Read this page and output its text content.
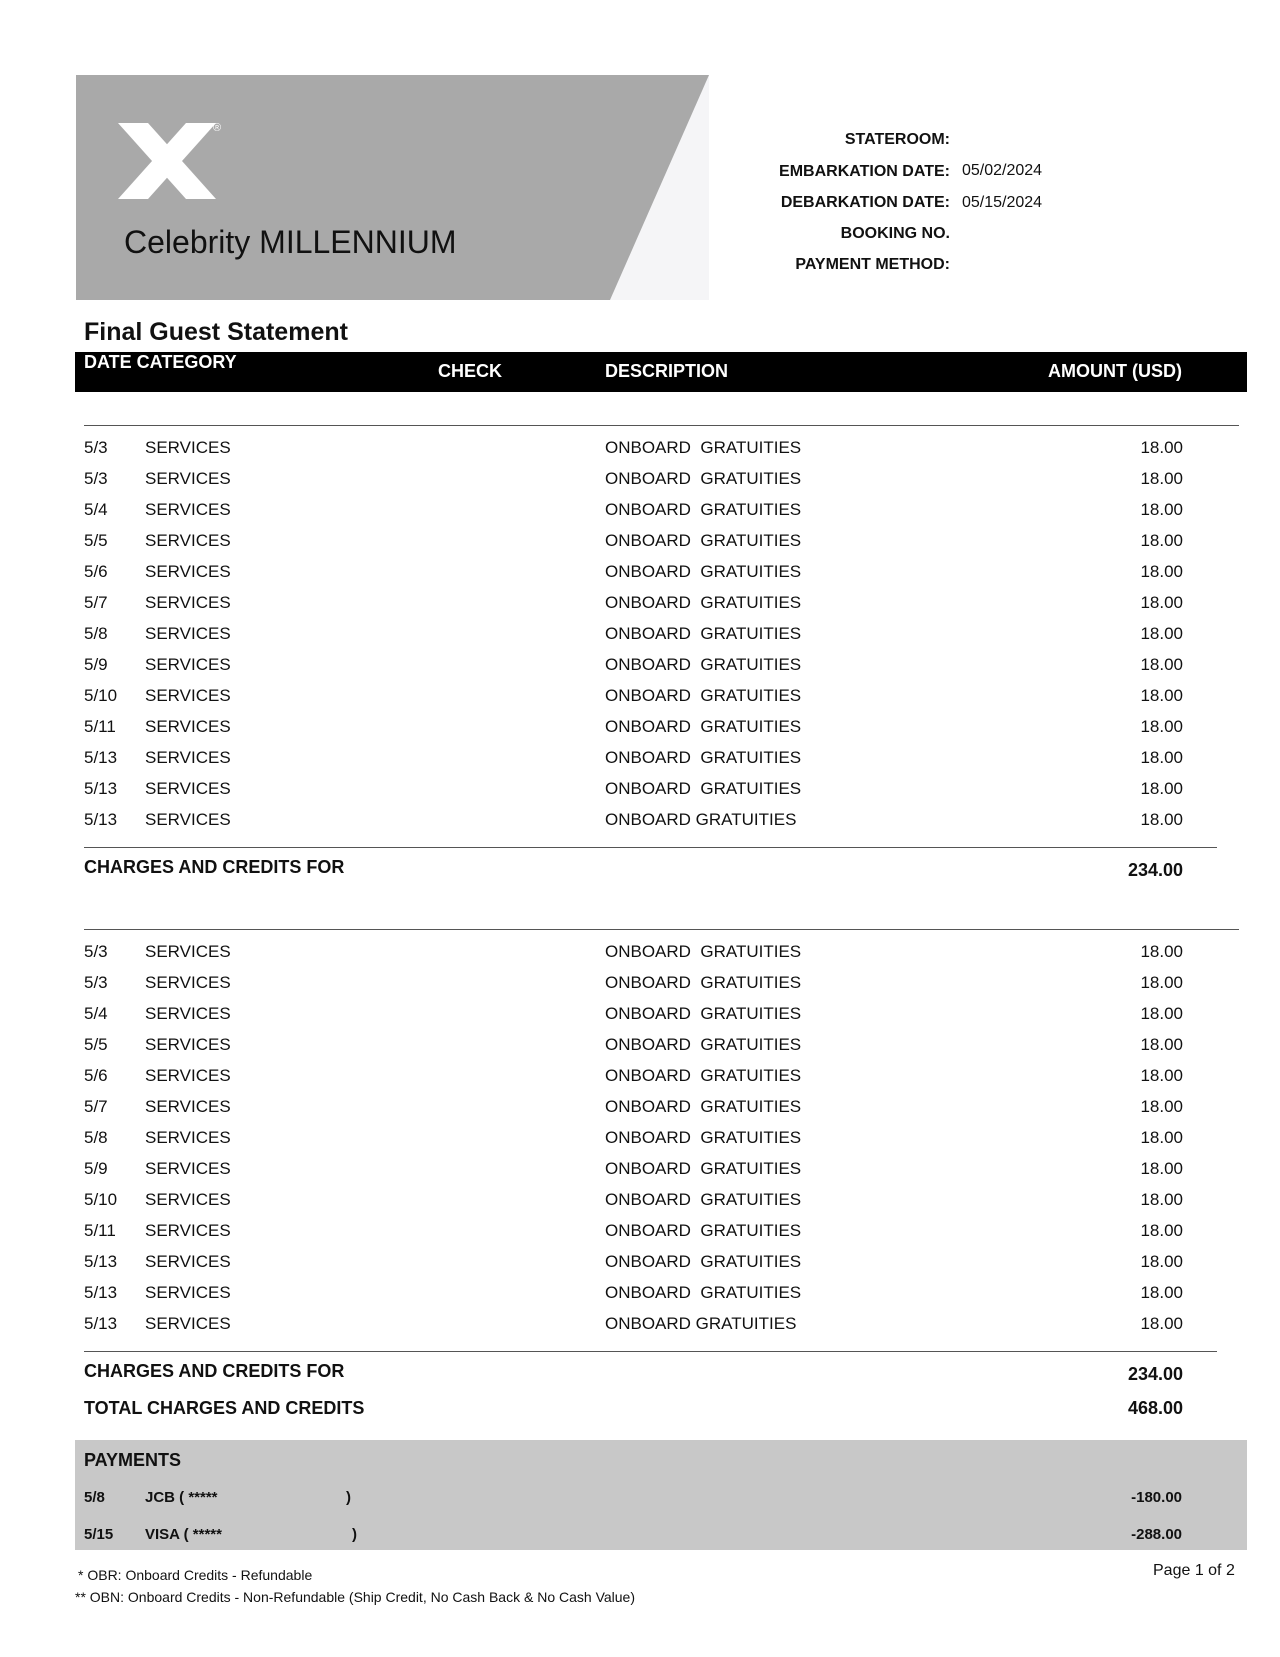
®
Celebrity MILLENNIUM
STATEROOM:
EMBARKATION DATE: 05/02/2024
DEBARKATION DATE: 05/15/2024
BOOKING NO.
PAYMENT METHOD:
Final Guest Statement
DATE CATEGORY	CHECK	DESCRIPTION	AMOUNT (USD)
5/3 SERVICES	ONBOARD  GRATUITIES	18.00
5/3 SERVICES	ONBOARD  GRATUITIES	18.00
5/4 SERVICES	ONBOARD  GRATUITIES	18.00
5/5 SERVICES	ONBOARD  GRATUITIES	18.00
5/6 SERVICES	ONBOARD  GRATUITIES	18.00
5/7 SERVICES	ONBOARD  GRATUITIES	18.00
5/8 SERVICES	ONBOARD  GRATUITIES	18.00
5/9 SERVICES	ONBOARD  GRATUITIES	18.00
5/10 SERVICES	ONBOARD  GRATUITIES	18.00
5/11 SERVICES	ONBOARD  GRATUITIES	18.00
5/13 SERVICES	ONBOARD  GRATUITIES	18.00
5/13 SERVICES	ONBOARD  GRATUITIES	18.00
5/13 SERVICES	ONBOARD GRATUITIES	18.00
CHARGES AND CREDITS FOR	234.00
5/3 SERVICES	ONBOARD  GRATUITIES	18.00
5/3 SERVICES	ONBOARD  GRATUITIES	18.00
5/4 SERVICES	ONBOARD  GRATUITIES	18.00
5/5 SERVICES	ONBOARD  GRATUITIES	18.00
5/6 SERVICES	ONBOARD  GRATUITIES	18.00
5/7 SERVICES	ONBOARD  GRATUITIES	18.00
5/8 SERVICES	ONBOARD  GRATUITIES	18.00
5/9 SERVICES	ONBOARD  GRATUITIES	18.00
5/10 SERVICES	ONBOARD  GRATUITIES	18.00
5/11 SERVICES	ONBOARD  GRATUITIES	18.00
5/13 SERVICES	ONBOARD  GRATUITIES	18.00
5/13 SERVICES	ONBOARD  GRATUITIES	18.00
5/13 SERVICES	ONBOARD GRATUITIES	18.00
CHARGES AND CREDITS FOR	234.00
TOTAL CHARGES AND CREDITS	468.00
PAYMENTS
5/8	JCB ( *****	)	-180.00
5/15 VISA ( *****	)	-288.00
* OBR: Onboard Credits - Refundable
** OBN: Onboard Credits - Non-Refundable (Ship Credit, No Cash Back & No Cash Value)
Page 1 of 2
